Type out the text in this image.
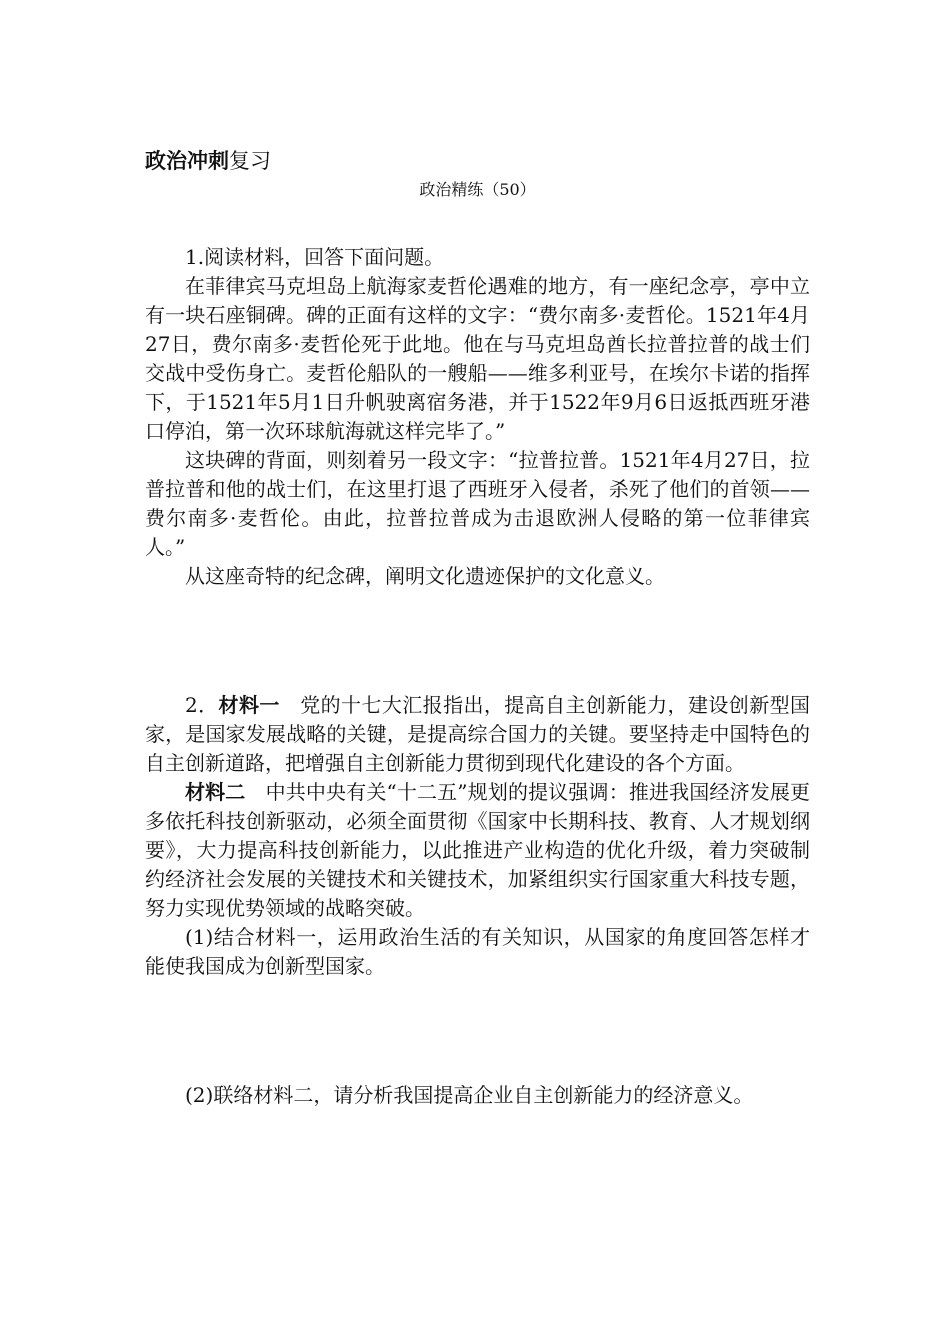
政治冲刺复习

政治精练（50）

1.阅读材料，回答下面问题。

在菲律宾马克坦岛上航海家麦哲伦遇难的地方，有一座纪念亭，亭中立有一块石座铜碑。碑的正面有这样的文字：“费尔南多·麦哲伦。1521年4月27日，费尔南多·麦哲伦死于此地。他在与马克坦岛酋长拉普拉普的战士们交战中受伤身亡。麦哲伦船队的一艘船——维多利亚号，在埃尔卡诺的指挥下，于1521年5月1日升帆驶离宿务港，并于1522年9月6日返抵西班牙港口停泊，第一次环球航海就这样完毕了。”

这块碑的背面，则刻着另一段文字：“拉普拉普。1521年4月27日，拉普拉普和他的战士们，在这里打退了西班牙入侵者，杀死了他们的首领——费尔南多·麦哲伦。由此，拉普拉普成为击退欧洲人侵略的第一位菲律宾人。”

从这座奇特的纪念碑，阐明文化遗迹保护的文化意义。

2．材料一　 党的十七大汇报指出，提高自主创新能力，建设创新型国家，是国家发展战略的关键，是提高综合国力的关键。要坚持走中国特色的自主创新道路，把增强自主创新能力贯彻到现代化建设的各个方面。

材料二　 中共中央有关“十二五”规划的提议强调：推进我国经济发展更多依托科技创新驱动，必须全面贯彻《国家中长期科技、教育、人才规划纲要》，大力提高科技创新能力，以此推进产业构造的优化升级，着力突破制约经济社会发展的关键技术和关键技术，加紧组织实行国家重大科技专题，努力实现优势领域的战略突破。

(1)结合材料一，运用政治生活的有关知识，从国家的角度回答怎样才能使我国成为创新型国家。

(2)联络材料二，请分析我国提高企业自主创新能力的经济意义。
